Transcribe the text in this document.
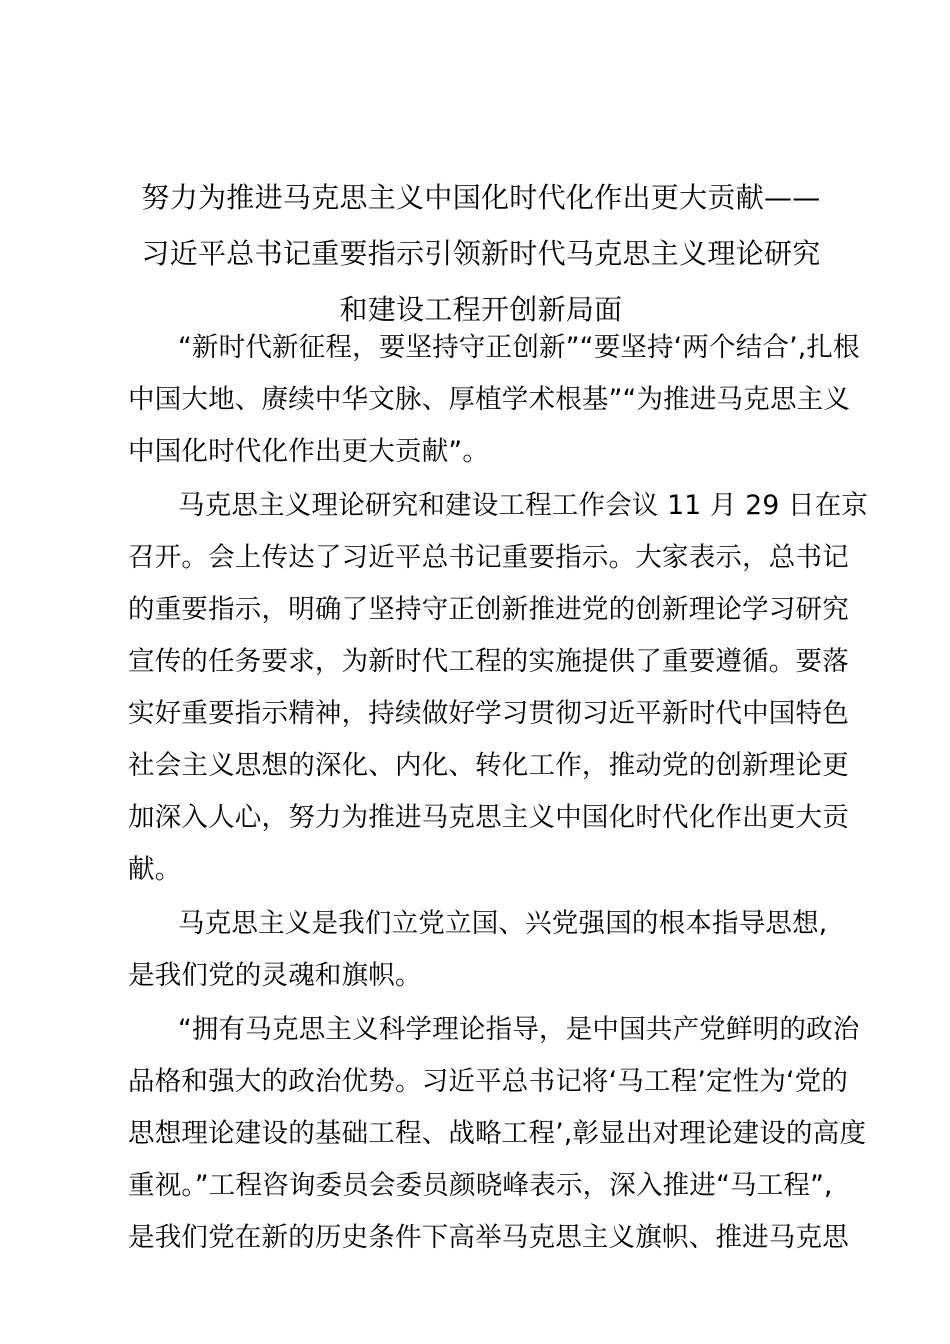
努力为推进马克思主义中国化时代化作出更大贡献——
习近平总书记重要指示引领新时代马克思主义理论研究
和建设工程开创新局面
“新时代新征程，要坚持守正创新”“要坚持‘两个结合’,扎根
中国大地、赓续中华文脉、厚植学术根基”“为推进马克思主义
中国化时代化作出更大贡献”。
马克思主义理论研究和建设工程工作会议 11 月 29 日在京
召开。会上传达了习近平总书记重要指示。大家表示，总书记
的重要指示，明确了坚持守正创新推进党的创新理论学习研究
宣传的任务要求，为新时代工程的实施提供了重要遵循。要落
实好重要指示精神，持续做好学习贯彻习近平新时代中国特色
社会主义思想的深化、内化、转化工作，推动党的创新理论更
加深入人心，努力为推进马克思主义中国化时代化作出更大贡
献。
马克思主义是我们立党立国、兴党强国的根本指导思想,
是我们党的灵魂和旗帜。
“拥有马克思主义科学理论指导，是中国共产党鲜明的政治
品格和强大的政治优势。习近平总书记将‘马工程’定性为‘党的
思想理论建设的基础工程、战略工程’,彰显出对理论建设的高度
重视。”工程咨询委员会委员颜晓峰表示，深入推进“马工程”,
是我们党在新的历史条件下高举马克思主义旗帜、推进马克思
